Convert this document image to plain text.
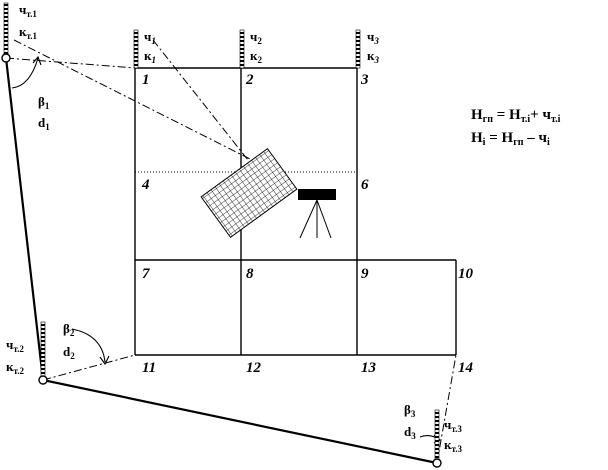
1	2	3
4	6
7	8	9	10
11	12	13	14
$ч_1$
$к_1$
$ч_2$
$к_2$
$ч_3$
$к_3$
$ч_{т.1}$
$к_{т.1}$
$\beta_1$
$d_1$
$ч_{т.2}$
$к_{т.2}$
$\beta_2$
$d_2$
$\beta_3$
$d_3$
$ч_{т.3}$
$к_{т.3}$
$H_{гп} = H_{т.i}+ ч_{т.i}$
$H_i = H_{гп} - ч_i$
